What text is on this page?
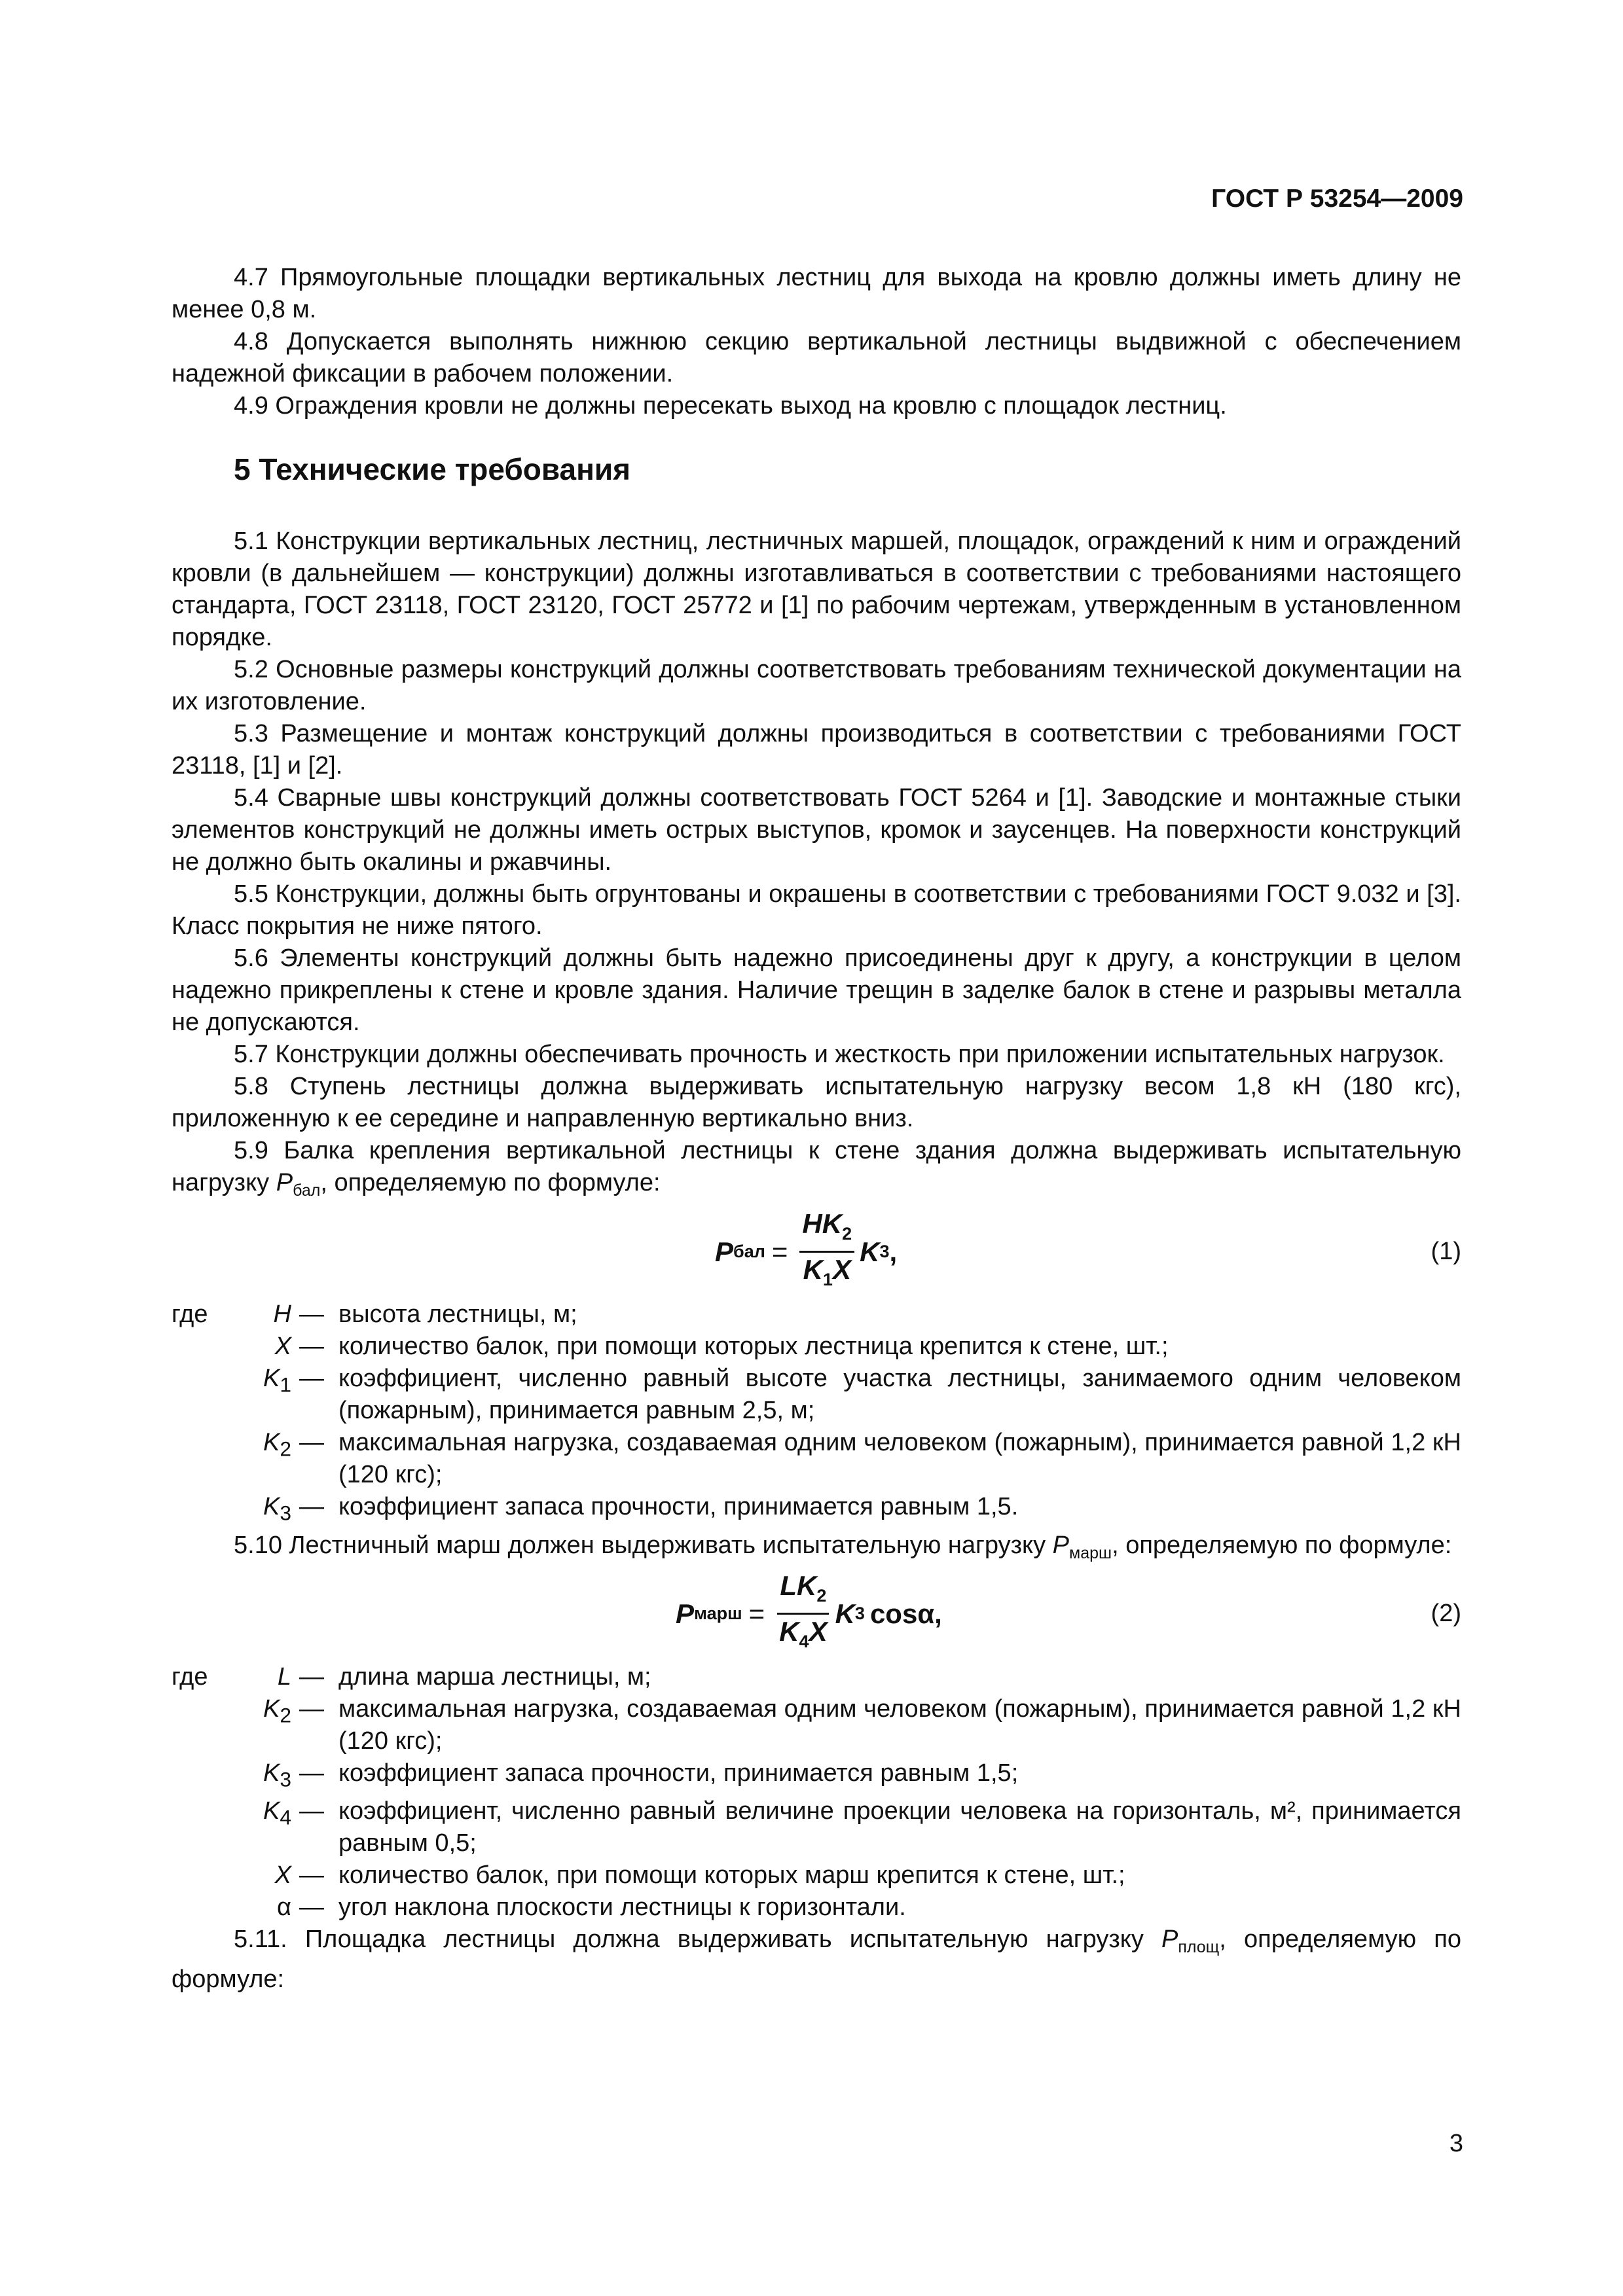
ГОСТ Р 53254—2009

4.7 Прямоугольные площадки вертикальных лестниц для выхода на кровлю должны иметь длину не менее 0,8 м.

4.8 Допускается выполнять нижнюю секцию вертикальной лестницы выдвижной с обеспечением надежной фиксации в рабочем положении.

4.9 Ограждения кровли не должны пересекать выход на кровлю с площадок лестниц.

5 Технические требования

5.1 Конструкции вертикальных лестниц, лестничных маршей, площадок, ограждений к ним и ограждений кровли (в дальнейшем — конструкции) должны изготавливаться в соответствии с требованиями настоящего стандарта, ГОСТ 23118, ГОСТ 23120, ГОСТ 25772 и [1] по рабочим чертежам, утвержденным в установленном порядке.

5.2 Основные размеры конструкций должны соответствовать требованиям технической документации на их изготовление.

5.3 Размещение и монтаж конструкций должны производиться в соответствии с требованиями ГОСТ 23118, [1] и [2].

5.4 Сварные швы конструкций должны соответствовать ГОСТ 5264 и [1]. Заводские и монтажные стыки элементов конструкций не должны иметь острых выступов, кромок и заусенцев. На поверхности конструкций не должно быть окалины и ржавчины.

5.5 Конструкции, должны быть огрунтованы и окрашены в соответствии с требованиями ГОСТ 9.032 и [3]. Класс покрытия не ниже пятого.

5.6 Элементы конструкций должны быть надежно присоединены друг к другу, а конструкции в целом надежно прикреплены к стене и кровле здания. Наличие трещин в заделке балок в стене и разрывы металла не допускаются.

5.7 Конструкции должны обеспечивать прочность и жесткость при приложении испытательных нагрузок.

5.8 Ступень лестницы должна выдерживать испытательную нагрузку весом 1,8 кН (180 кгс), приложенную к ее середине и направленную вертикально вниз.

5.9 Балка крепления вертикальной лестницы к стене здания должна выдерживать испытательную нагрузку $P_{бал}$, определяемую по формуле:

P бал = $\frac{HK_2}{K_1X}$ K 3 ,	(1)
где	H — высота лестницы, м;
X — количество балок, при помощи которых лестница крепится к стене, шт.;
$K_1$ — коэффициент, численно равный высоте участка лестницы, занимаемого одним человеком (пожарным), принимается равным 2,5, м;
$K_2$ — максимальная нагрузка, создаваемая одним человеком (пожарным), принимается равной 1,2 кН (120 кгс);
$K_3$ — коэффициент запаса прочности, принимается равным 1,5.

5.10 Лестничный марш должен выдерживать испытательную нагрузку $P_{марш}$, определяемую по формуле:

P марш = $\frac{LK_2}{K_4X}$ K 3 cosα,	(2)
где	L — длина марша лестницы, м;
$K_2$ — максимальная нагрузка, создаваемая одним человеком (пожарным), принимается равной 1,2 кН (120 кгс);
$K_3$ — коэффициент запаса прочности, принимается равным 1,5;
$K_4$ — коэффициент, численно равный величине проекции человека на горизонталь, м², принимается равным 0,5;
X — количество балок, при помощи которых марш крепится к стене, шт.;
α — угол наклона плоскости лестницы к горизонтали.

5.11. Площадка лестницы должна выдерживать испытательную нагрузку $P_{площ}$, определяемую по формуле:

3
